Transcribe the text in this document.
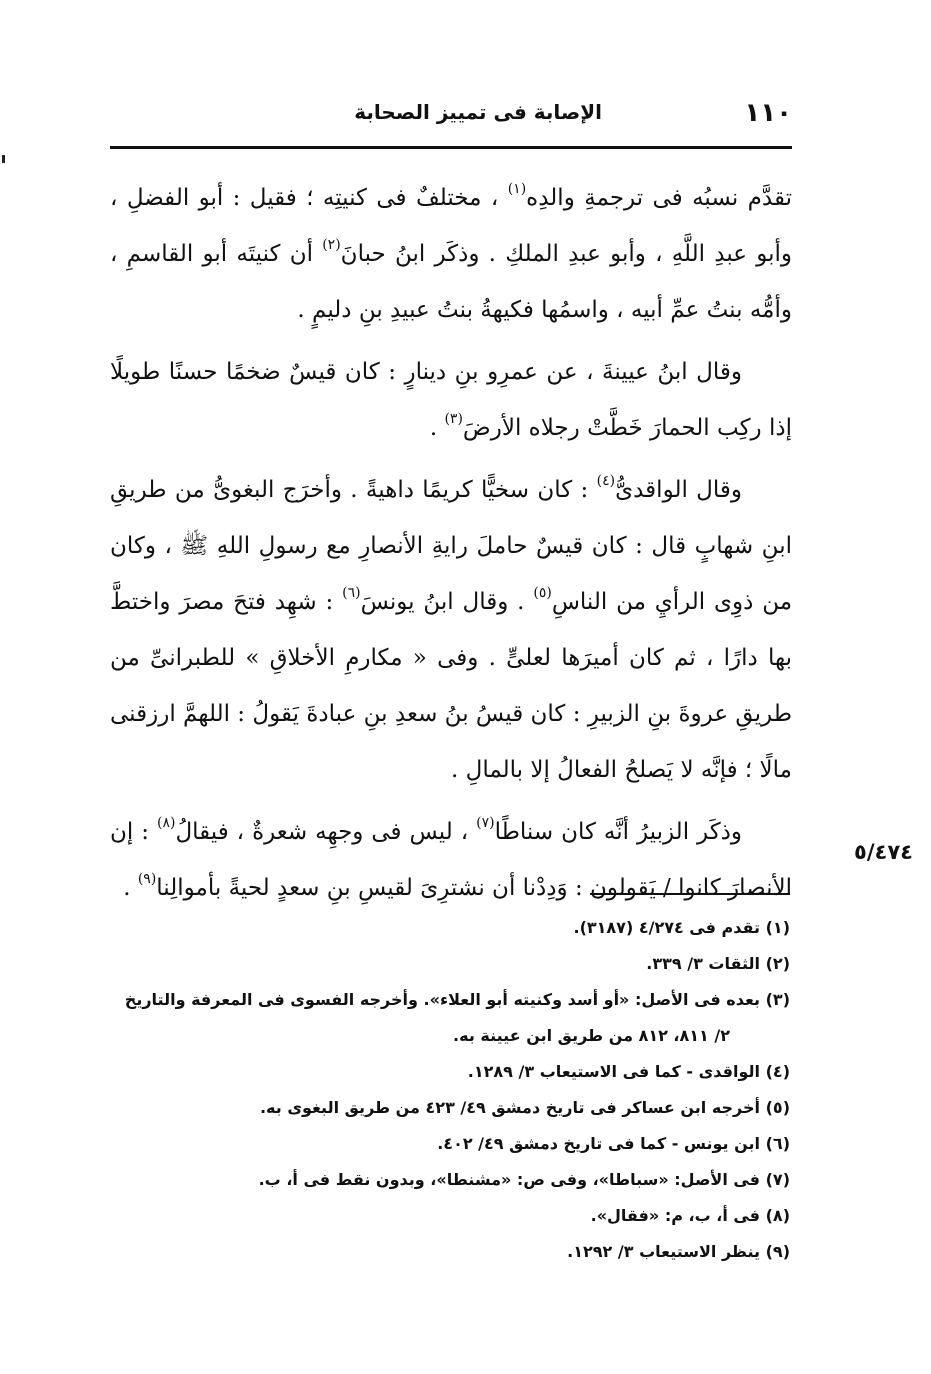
١١٠
الإصابة فى تمييز الصحابة

تقدَّم نسبُه فى ترجمةِ والدِه$^{(١)}$ ، مختلفٌ فى كنيتِه ؛ فقيل : أبو الفضلِ ، وأبو عبدِ اللَّهِ ، وأبو عبدِ الملكِ . وذكَر ابنُ حبانَ$^{(٢)}$ أن كنيتَه أبو القاسمِ ، وأمُّه بنتُ عمِّ أبيه ، واسمُها فكيهةُ بنتُ عبيدِ بنِ دليمٍ .

وقال ابنُ عيينةَ ، عن عمرِو بنِ دينارٍ : كان قيسٌ ضخمًا حسنًا طويلًا إذا ركِب الحمارَ خَطَّتْ رجلاه الأرضَ$^{(٣)}$ .

وقال الواقدىُّ$^{(٤)}$ : كان سخيًّا كريمًا داهيةً . وأخرَج البغوىُّ من طريقِ ابنِ شهابٍ قال : كان قيسٌ حاملَ رايةِ الأنصارِ مع رسولِ اللهِ ﷺ ، وكان من ذوِى الرأيِ من الناسِ$^{(٥)}$ . وقال ابنُ يونسَ$^{(٦)}$ : شهِد فتحَ مصرَ واختطَّ بها دارًا ، ثم كان أميرَها لعلىٍّ . وفى « مكارمِ الأخلاقِ » للطبرانىِّ من طريقِ عروةَ بنِ الزبيرِ : كان قيسُ بنُ سعدِ بنِ عبادةَ يَقولُ : اللهمَّ ارزقنى مالًا ؛ فإنَّه لا يَصلحُ الفعالُ إلا بالمالِ .

وذكَر الزبيرُ أنَّه كان سناطًا$^{(٧)}$ ، ليس فى وجهِه شعرةٌ ، فيقالُ$^{(٨)}$ : إن الأنصارَ كانوا / يَقولون : وَدِدْنا أن نشترِىَ لقيسِ بنِ سعدٍ لحيةً بأموالِنا$^{(٩)}$ .

٥/٤٧٤

(١) تقدم فى ٤/٢٧٤ (٣١٨٧).

(٢) الثقات ٣/ ٣٣٩.

(٣) بعده فى الأصل: «أو أسد وكنيته أبو العلاء». وأخرجه الفسوى فى المعرفة والتاريخ
٢/ ٨١١، ٨١٢ من طريق ابن عيينة به.

(٤) الواقدى - كما فى الاستيعاب ٣/ ١٢٨٩.

(٥) أخرجه ابن عساكر فى تاريخ دمشق ٤٩/ ٤٢٣ من طريق البغوى به.

(٦) ابن يونس - كما فى تاريخ دمشق ٤٩/ ٤٠٢.

(٧) فى الأصل: «سباطا»، وفى ص: «مشنطا»، وبدون نقط فى أ، ب.

(٨) فى أ، ب، م: «فقال».

(٩) ينظر الاستيعاب ٣/ ١٢٩٢.
